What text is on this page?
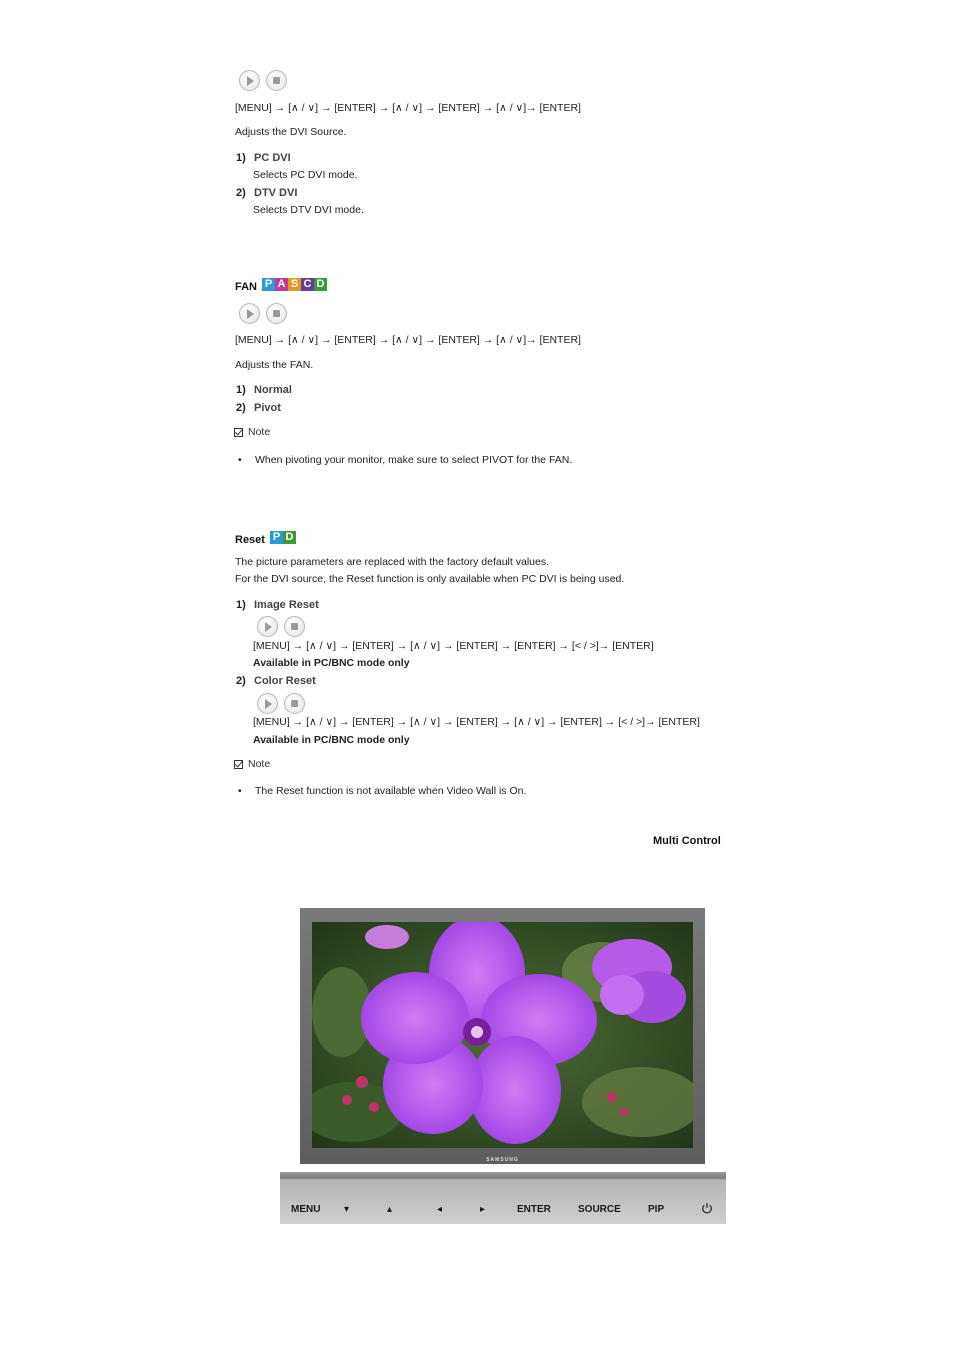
[MENU] → [∧ / ∨] → [ENTER] → [∧ / ∨] → [ENTER] → [∧ / ∨]→ [ENTER]
Adjusts the DVI Source.
1) PC DVI
Selects PC DVI mode.
2) DTV DVI
Selects DTV DVI mode.
FAN P A S C D
[MENU] → [∧ / ∨] → [ENTER] → [∧ / ∨] → [ENTER] → [∧ / ∨]→ [ENTER]
Adjusts the FAN.
1) Normal
2) Pivot
Note
• When pivoting your monitor, make sure to select PIVOT for the FAN.
Reset P D
The picture parameters are replaced with the factory default values.
For the DVI source, the Reset function is only available when PC DVI is being used.
1) Image Reset
[MENU] → [∧ / ∨] → [ENTER] → [∧ / ∨] → [ENTER] → [ENTER] → [< / >]→ [ENTER]
Available in PC/BNC mode only
2) Color Reset
[MENU] → [∧ / ∨] → [ENTER] → [∧ / ∨] → [ENTER] → [∧ / ∨] → [ENTER] → [< / >]→ [ENTER]
Available in PC/BNC mode only
Note
• The Reset function is not available when Video Wall is On.
Multi Control
SAMSUNG
MENU ▾	▴	◂	▸	ENTER	SOURCE	PIP
